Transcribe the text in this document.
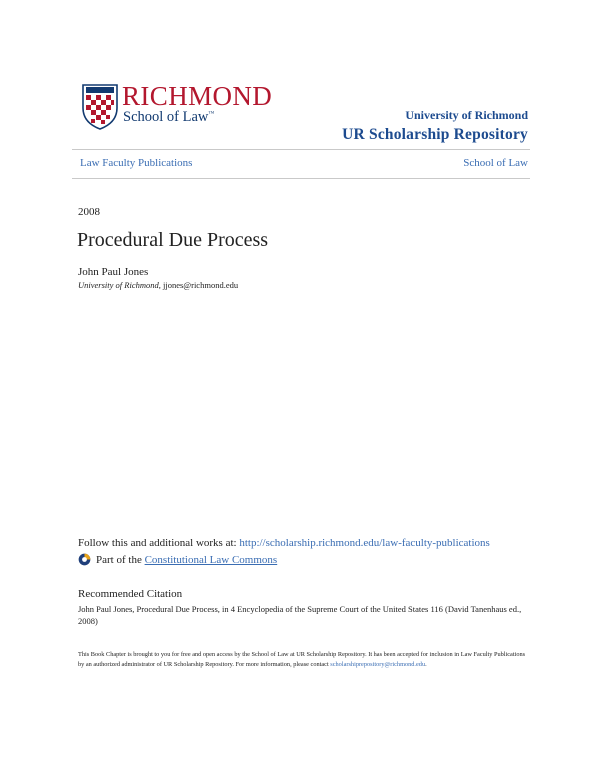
RICHMOND
School of Law™	University of Richmond
UR Scholarship Repository
Law Faculty Publications	School of Law
2008
Procedural Due Process
John Paul Jones
University of Richmond, jjones@richmond.edu
Follow this and additional works at: http://scholarship.richmond.edu/law-faculty-publications
Part of the
Constitutional Law Commons
Recommended Citation
John Paul Jones, Procedural Due Process, in 4 Encyclopedia of the Supreme Court of the United States 116 (David Tanenhaus ed., 2008)
This Book Chapter is brought to you for free and open access by the School of Law at UR Scholarship Repository. It has been accepted for inclusion in Law Faculty Publications by an authorized administrator of UR Scholarship Repository. For more information, please contact scholarshiprepository@richmond.edu.
